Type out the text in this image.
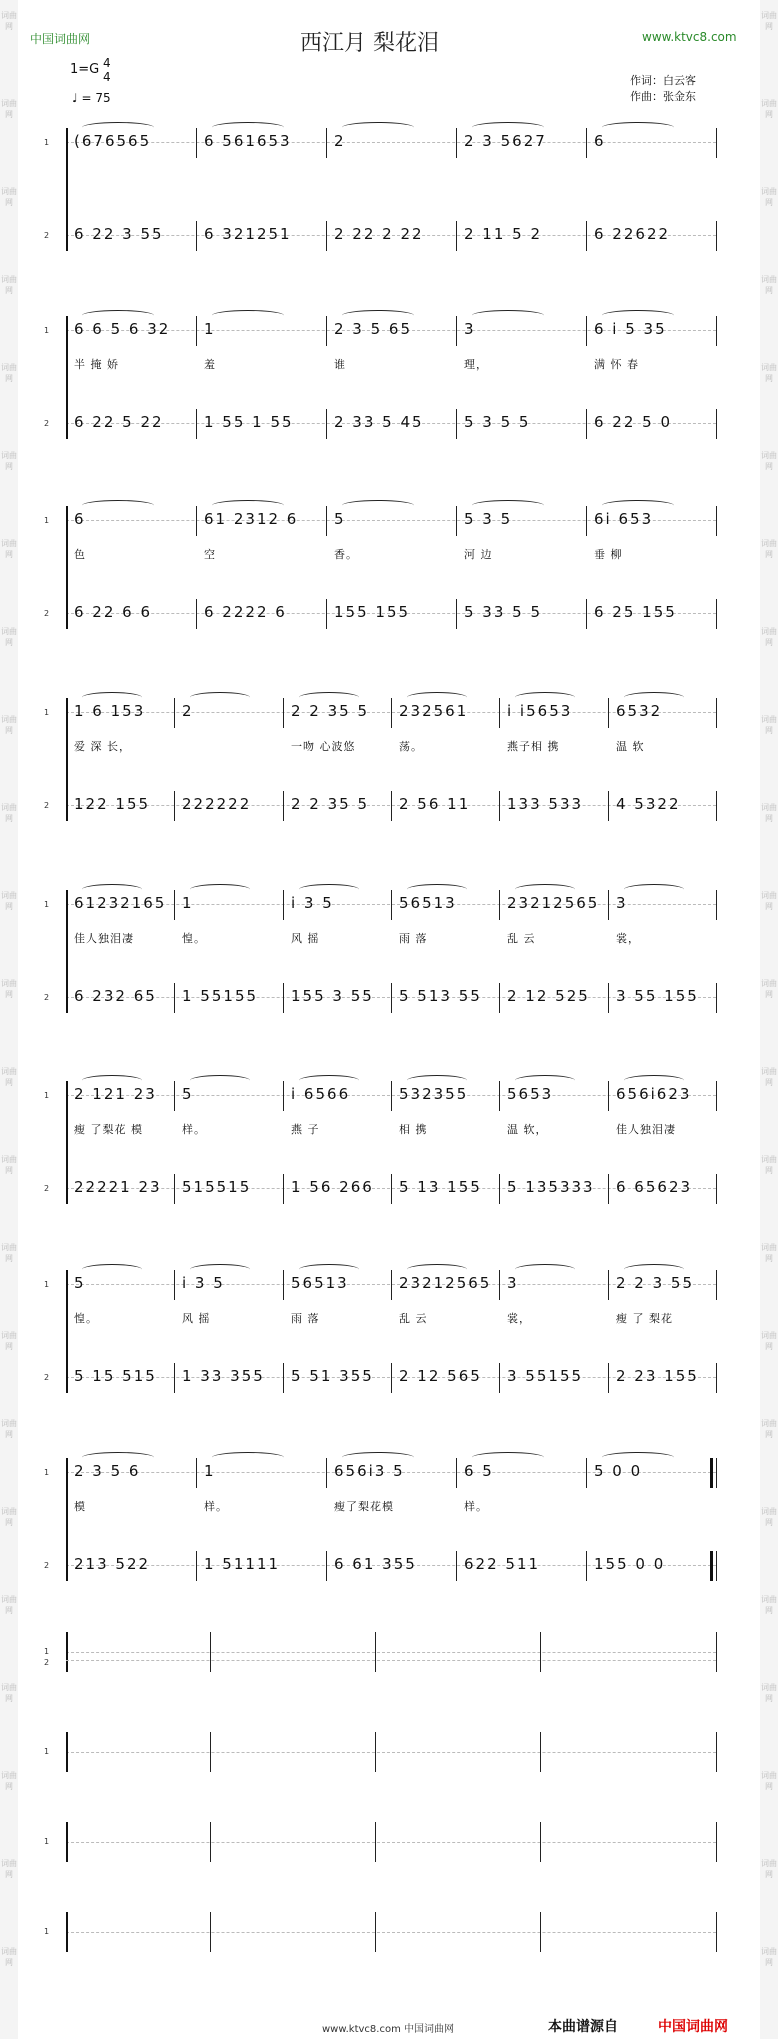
中国词曲网	www.ktvc8.com
西江月 梨花泪
1=G 4
4
♩ = 75
作词：白云客
作曲：张金东
1
2
(676565
6 22 3 55
6 561653
6 321251
2
2 22 2 22
2 3 5627
2 11 5 2
6
6 22622
1
2
6 6 5 6 32
6 22 5 22
半 掩 娇
1
1 55 1 55
羞
2 3 5 65
2 33 5 45
谁
3
5 3 5 5
理，
6 i 5 35
6 22 5 0
满 怀 春
1
2
6
6 22 6 6
色
61 2312 6
6 2222 6
空
5
155 155
香。
5 3 5
5 33 5 5
河 边
6i 653
6 25 155
垂 柳
1
2
1 6 153
122 155
爱 深 长，
2
222222
2 2 35 5
2 2 35 5
一吻 心波悠
232561
2 56 11
荡。
i i5653
133 533
燕子相 携
6532
4 5322
温 软
1
2
61232165
6 232 65
佳人独泪凄
1
1 55155
惶。
i 3 5
155 3 55
风 摇
56513
5 513 55
雨 落
23212565
2 12 525
乱 云
3
3 55 155
裳，
1
2
2 121 23
22221 23
瘦 了梨花 模
5
515515
样。
i 6566
1 56 266
燕 子
532355
5 13 155
相 携
5653
5 135333
温 软，
656i623
6 65623
佳人独泪凄
1
2
5
5 15 515
惶。
i 3 5
1 33 355
风 摇
56513
5 51 355
雨 落
23212565
2 12 565
乱 云
3
3 55155
裳，
2 2 3 55
2 23 155
瘦 了 梨花
1
2
2 3 5 6
213 522
模
1
1 51111
样。
656i3 5
6 61 355
瘦了梨花模
6 5
622 511
样。
5 0 0
155 0 0
1
2
1
1
1
www.ktvc8.com 中国词曲网	本曲谱源自	中国词曲网
词曲网
词曲网
词曲网
词曲网
词曲网
词曲网
词曲网
词曲网
词曲网
词曲网
词曲网
词曲网
词曲网
词曲网
词曲网
词曲网
词曲网
词曲网
词曲网
词曲网
词曲网
词曲网
词曲网
词曲网
词曲网
词曲网
词曲网
词曲网
词曲网
词曲网
词曲网
词曲网
词曲网
词曲网
词曲网
词曲网
词曲网
词曲网
词曲网
词曲网
词曲网
词曲网
词曲网
词曲网
词曲网
词曲网
